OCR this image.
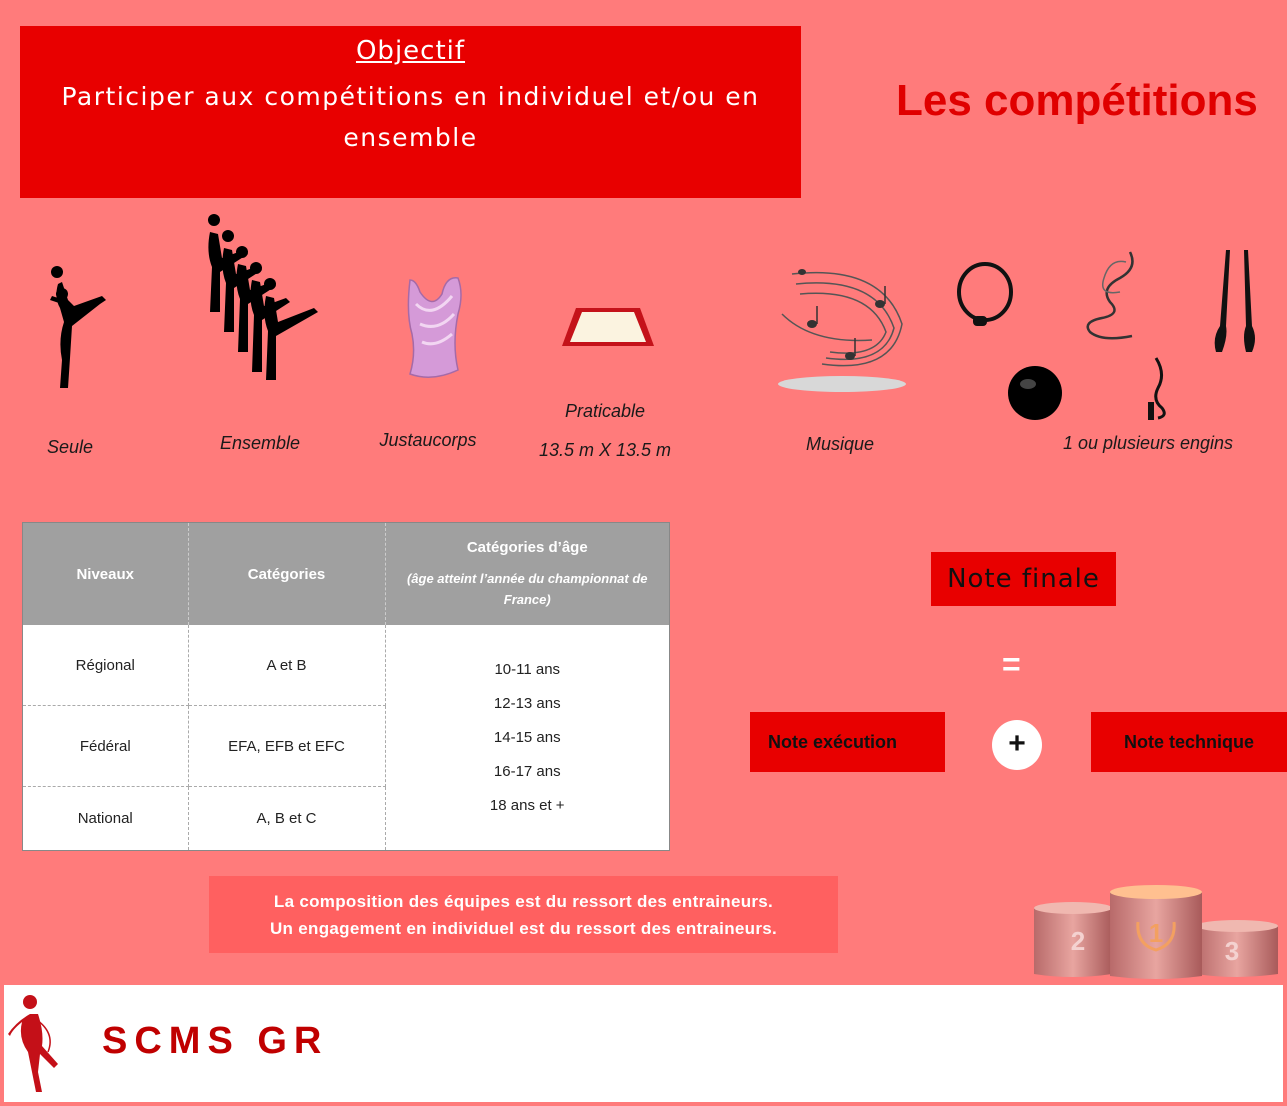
Objectif
Participer aux compétitions en individuel et/ou en ensemble
Les compétitions
Seule	Ensemble	Justaucorps
Praticable
13.5 m X 13.5 m	Musique	1 ou plusieurs engins
Niveaux	Catégories	Catégories d’âge
(âge atteint l’année du championnat de France)

Régional	A et B	10-11 ans
12-13 ans
14-15 ans
16-17 ans
18 ans et +

Fédéral	EFA, EFB et EFC	
National	A, B et C	
Note finale
=
Note exécution	+	Note technique
La composition des équipes est du ressort des entraineurs.
Un engagement en individuel est du ressort des entraineurs.	1
2	3
SCMS GR
